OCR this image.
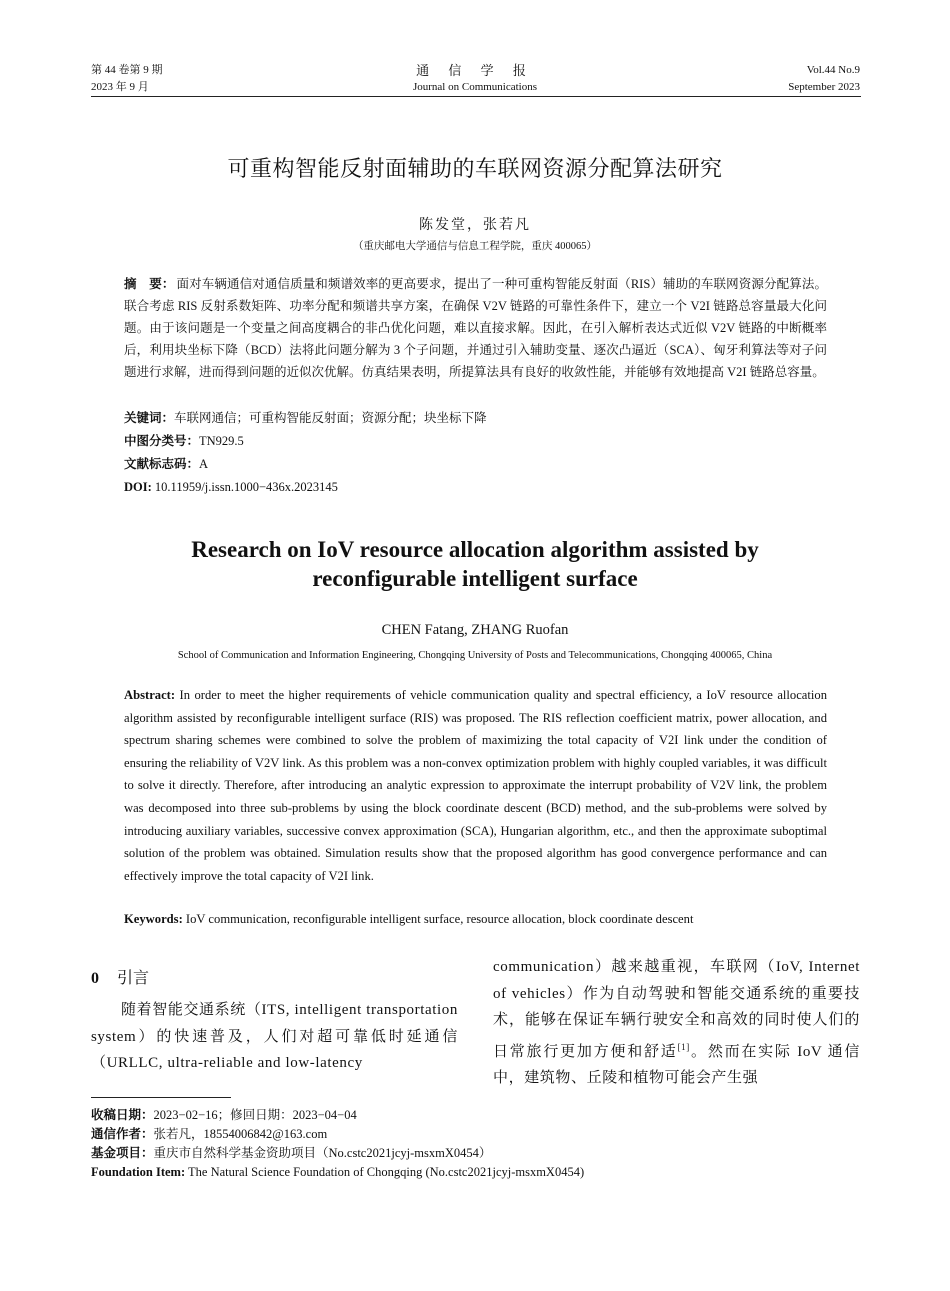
第 44 卷第 9 期
2023 年 9 月
通 信 学 报
Journal on Communications
Vol.44 No.9
September 2023
可重构智能反射面辅助的车联网资源分配算法研究
陈发堂，张若凡
（重庆邮电大学通信与信息工程学院，重庆 400065）
摘　要： 面对车辆通信对通信质量和频谱效率的更高要求，提出了一种可重构智能反射面（RIS）辅助的车联网资源分配算法。联合考虑 RIS 反射系数矩阵、功率分配和频谱共享方案，在确保 V2V 链路的可靠性条件下，建立一个 V2I 链路总容量最大化问题。由于该问题是一个变量之间高度耦合的非凸优化问题，难以直接求解。因此，在引入解析表达式近似 V2V 链路的中断概率后，利用块坐标下降（BCD）法将此问题分解为 3 个子问题，并通过引入辅助变量、逐次凸逼近（SCA）、匈牙利算法等对子问题进行求解，进而得到问题的近似次优解。仿真结果表明，所提算法具有良好的收敛性能，并能够有效地提高 V2I 链路总容量。
关键词：车联网通信；可重构智能反射面；资源分配；块坐标下降
中图分类号：TN929.5
文献标志码：A
DOI: 10.11959/j.issn.1000−436x.2023145
Research on IoV resource allocation algorithm assisted by
reconfigurable intelligent surface
CHEN Fatang, ZHANG Ruofan
School of Communication and Information Engineering, Chongqing University of Posts and Telecommunications, Chongqing 400065, China
Abstract: In order to meet the higher requirements of vehicle communication quality and spectral efficiency, a IoV resource allocation algorithm assisted by reconfigurable intelligent surface (RIS) was proposed. The RIS reflection coefficient matrix, power allocation, and spectrum sharing schemes were combined to solve the problem of maximizing the total capacity of V2I link under the condition of ensuring the reliability of V2V link. As this problem was a non-convex optimization problem with highly coupled variables, it was difficult to solve it directly. Therefore, after introducing an analytic expression to approximate the interrupt probability of V2V link, the problem was decomposed into three sub-problems by using the block coordinate descent (BCD) method, and the sub-problems were solved by introducing auxiliary variables, successive convex approximation (SCA), Hungarian algorithm, etc., and then the approximate suboptimal solution of the problem was obtained. Simulation results show that the proposed algorithm has good convergence performance and can effectively improve the total capacity of V2I link.
Keywords: IoV communication, reconfigurable intelligent surface, resource allocation, block coordinate descent
0 引言
随着智能交通系统（ITS, intelligent transportation system）的快速普及，人们对超可靠低时延通信（URLLC, ultra-reliable and low-latency
communication）越来越重视，车联网（IoV, Internet of vehicles）作为自动驾驶和智能交通系统的重要技术，能够在保证车辆行驶安全和高效的同时使人们的日常旅行更加方便和舒适[1]。然而在实际 IoV 通信中，建筑物、丘陵和植物可能会产生强
收稿日期：2023−02−16；修回日期：2023−04−04
通信作者：张若凡，18554006842@163.com
基金项目：重庆市自然科学基金资助项目（No.cstc2021jcyj-msxmX0454）
Foundation Item: The Natural Science Foundation of Chongqing (No.cstc2021jcyj-msxmX0454)
